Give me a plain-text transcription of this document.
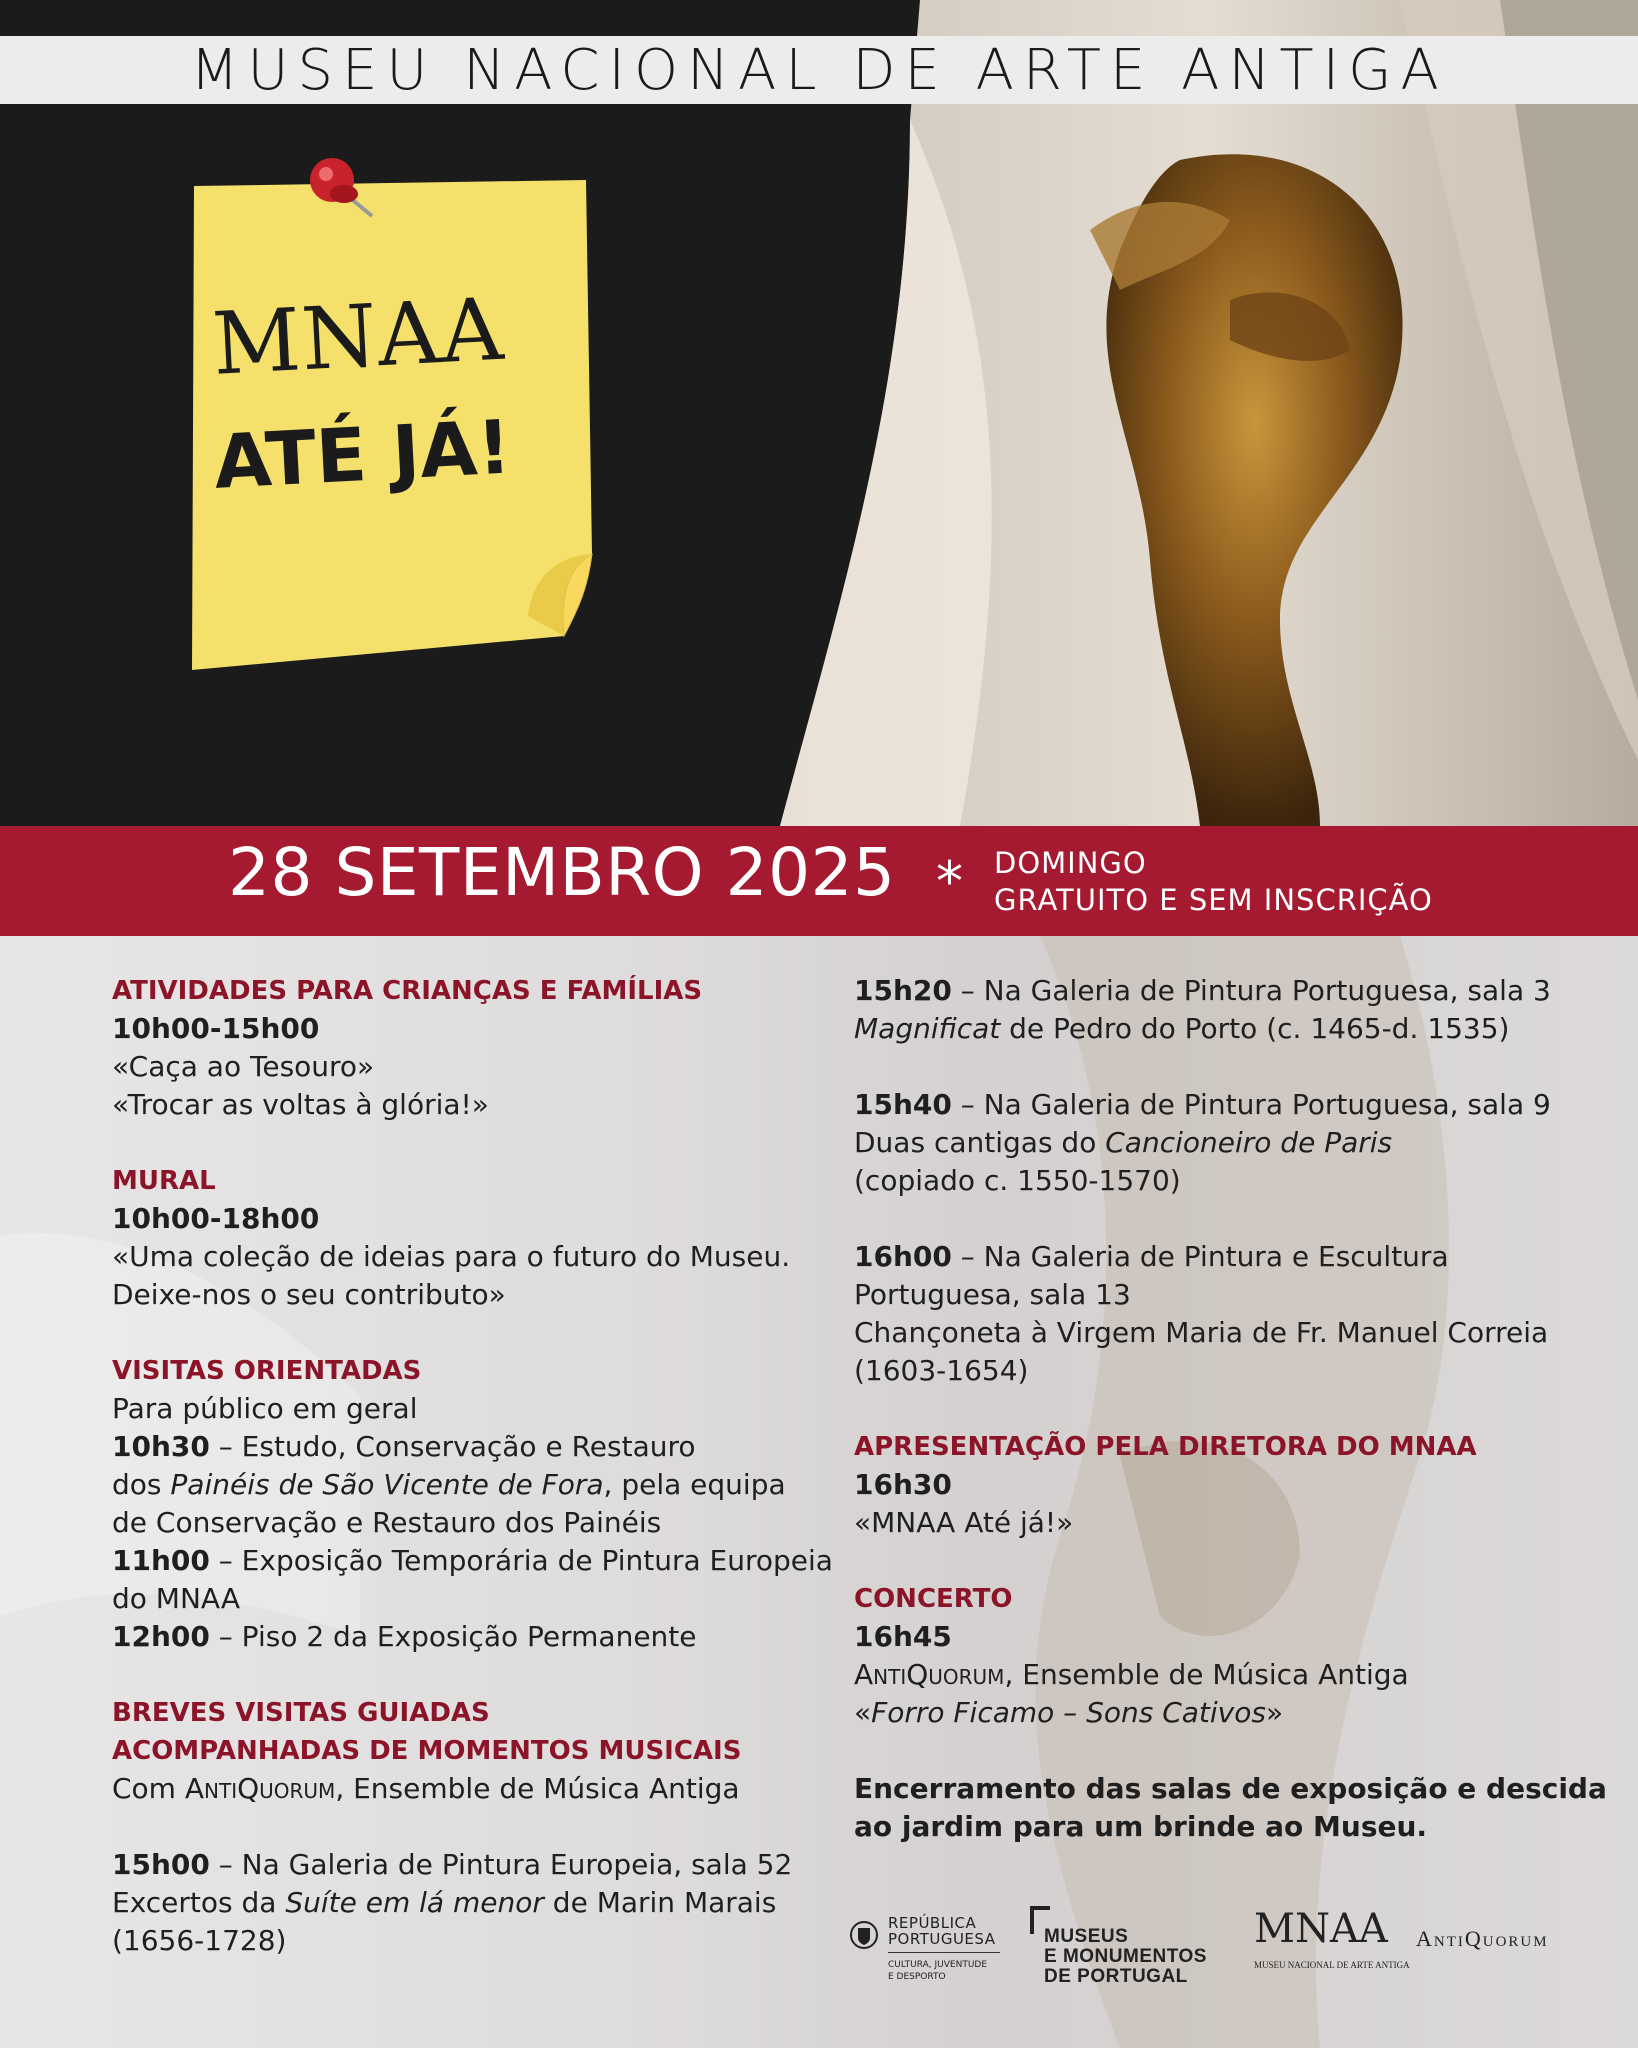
MUSEU NACIONAL DE ARTE ANTIGA
MNAA
ATÉ JÁ!
28 SETEMBRO 2025 * DOMINGO
GRATUITO E SEM INSCRIÇÃO
ATIVIDADES PARA CRIANÇAS E FAMÍLIAS
10h00-15h00
«Caça ao Tesouro»
«Trocar as voltas à glória!»
MURAL
10h00-18h00
«Uma coleção de ideias para o futuro do Museu.
Deixe-nos o seu contributo»
VISITAS ORIENTADAS
Para público em geral
10h30 – Estudo, Conservação e Restauro
dos Painéis de São Vicente de Fora, pela equipa
de Conservação e Restauro dos Painéis
11h00 – Exposição Temporária de Pintura Europeia
do MNAA
12h00 – Piso 2 da Exposição Permanente
BREVES VISITAS GUIADAS
ACOMPANHADAS DE MOMENTOS MUSICAIS
Com AntiQuorum, Ensemble de Música Antiga
15h00 – Na Galeria de Pintura Europeia, sala 52
Excertos da Suíte em lá menor de Marin Marais
(1656-1728)
15h20 – Na Galeria de Pintura Portuguesa, sala 3
Magnificat de Pedro do Porto (c. 1465-d. 1535)
15h40 – Na Galeria de Pintura Portuguesa, sala 9
Duas cantigas do Cancioneiro de Paris
(copiado c. 1550-1570)
16h00 – Na Galeria de Pintura e Escultura
Portuguesa, sala 13
Chançoneta à Virgem Maria de Fr. Manuel Correia
(1603-1654)
APRESENTAÇÃO PELA DIRETORA DO MNAA
16h30
«MNAA Até já!»
CONCERTO
16h45
AntiQuorum, Ensemble de Música Antiga
«Forro Ficamo – Sons Cativos»
Encerramento das salas de exposição e descida
ao jardim para um brinde ao Museu.
REPÚBLICA
PORTUGUESA
CULTURA, JUVENTUDE
E DESPORTO
MUSEUS
E MONUMENTOS
DE PORTUGAL
MNAA
MUSEU NACIONAL DE ARTE ANTIGA
AntiQuorum
